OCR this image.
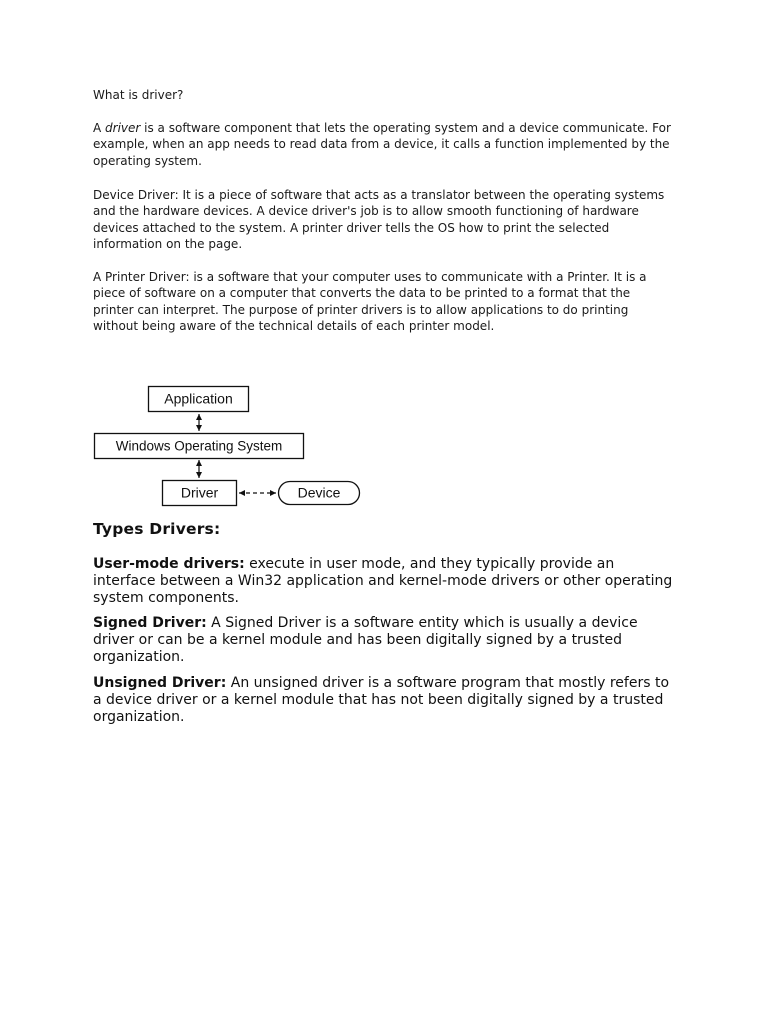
What is driver?

A driver is a software component that lets the operating system and a device communicate. For example, when an app needs to read data from a device, it calls a function implemented by the operating system.

Device Driver: It is a piece of software that acts as a translator between the operating systems and the hardware devices. A device driver's job is to allow smooth functioning of hardware devices attached to the system. A printer driver tells the OS how to print the selected information on the page.

A Printer Driver: is a software that your computer uses to communicate with a Printer. It is a piece of software on a computer that converts the data to be printed to a format that the printer can interpret. The purpose of printer drivers is to allow applications to do printing without being aware of the technical details of each printer model.

Application
Windows Operating System
Driver	Device

Types Drivers:

User-mode drivers: execute in user mode, and they typically provide an interface between a Win32 application and kernel-mode drivers or other operating system components.

Signed Driver: A Signed Driver is a software entity which is usually a device driver or can be a kernel module and has been digitally signed by a trusted organization.

Unsigned Driver: An unsigned driver is a software program that mostly refers to a device driver or a kernel module that has not been digitally signed by a trusted organization.
